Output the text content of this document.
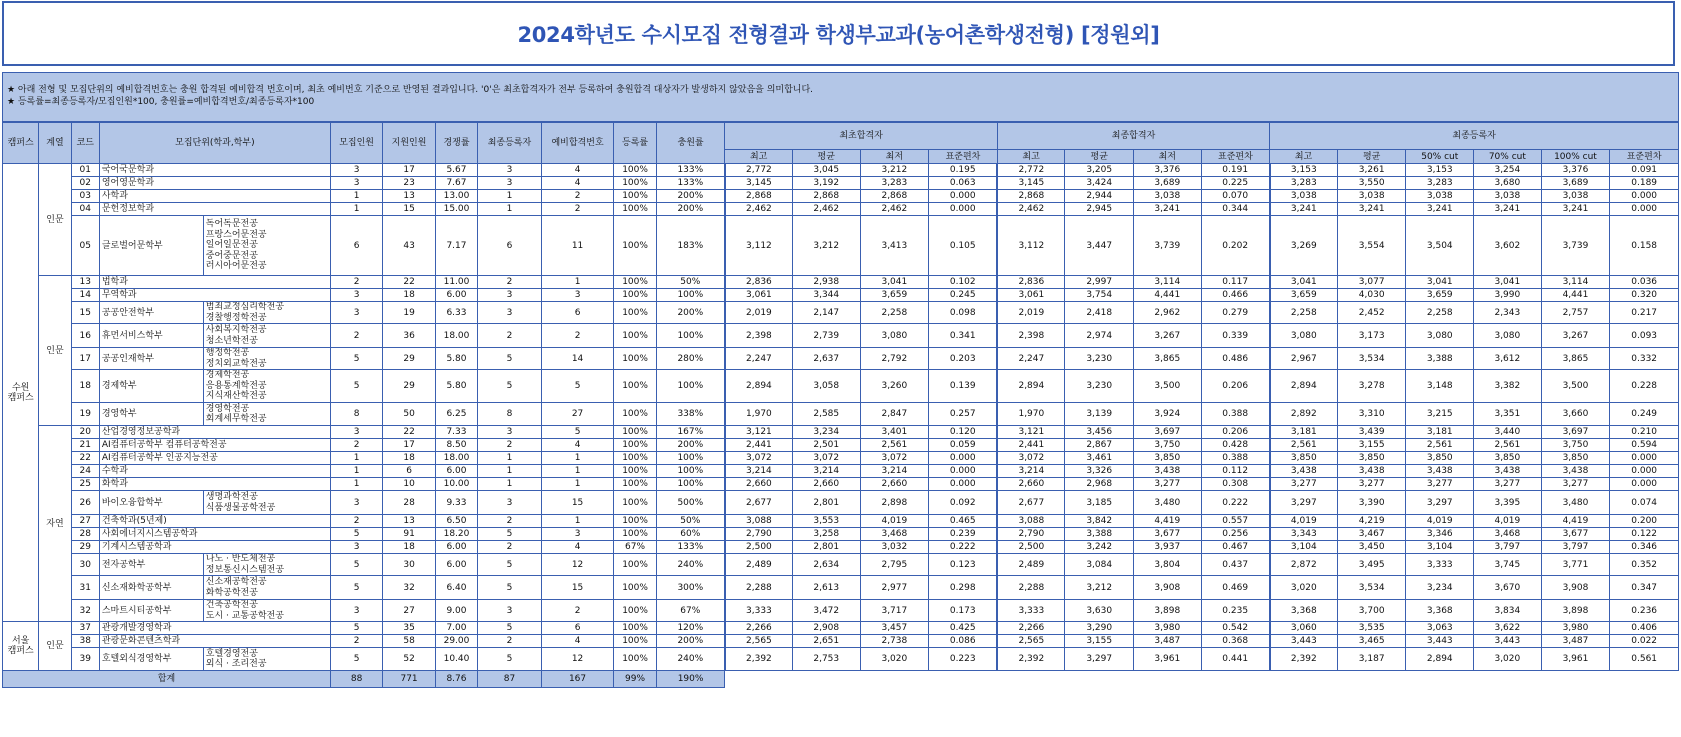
2024학년도 수시모집 전형결과 학생부교과(농어촌학생전형) [정원외]
★ 아래 전형 및 모집단위의 예비합격번호는 충원 합격된 예비합격 번호이며, 최초 예비번호 기준으로 반영된 결과입니다. '0'은 최초합격자가 전부 등록하여 충원합격 대상자가 발생하지 않았음을 의미합니다.
★ 등록률=최종등록자/모집인원*100, 충원률=예비합격번호/최종등록자*100
캠퍼스	계열	코드	모집단위(학과,학부)		모집인원	지원인원	경쟁률	최종등록자	예비합격번호	등록률	충원률	최초합격자				최종합격자				최종등록자					
												최고	평균	최저	표준편차	최고	평균	최저	표준편차	최고	평균	50% cut	70% cut	100% cut	표준편차
수원
캠퍼스	인문	01	국어국문학과		3	17	5.67	3	4	100%	133%	2,772	3,045	3,212	0.195	2,772	3,205	3,376	0.191	3,153	3,261	3,153	3,254	3,376	0.091
		02	영어영문학과		3	23	7.67	3	4	100%	133%	3,145	3,192	3,283	0.063	3,145	3,424	3,689	0.225	3,283	3,550	3,283	3,680	3,689	0.189
		03	사학과		1	13	13.00	1	2	100%	200%	2,868	2,868	2,868	0.000	2,868	2,944	3,038	0.070	3,038	3,038	3,038	3,038	3,038	0.000
		04	문헌정보학과		1	15	15.00	1	2	100%	200%	2,462	2,462	2,462	0.000	2,462	2,945	3,241	0.344	3,241	3,241	3,241	3,241	3,241	0.000
		05	글로벌어문학부	독어독문전공
프랑스어문전공
일어일문전공
중어중문전공
러시아어문전공	6	43	7.17	6	11	100%	183%	3,112	3,212	3,413	0.105	3,112	3,447	3,739	0.202	3,269	3,554	3,504	3,602	3,739	0.158
	인문	13	법학과		2	22	11.00	2	1	100%	50%	2,836	2,938	3,041	0.102	2,836	2,997	3,114	0.117	3,041	3,077	3,041	3,041	3,114	0.036
		14	무역학과		3	18	6.00	3	3	100%	100%	3,061	3,344	3,659	0.245	3,061	3,754	4,441	0.466	3,659	4,030	3,659	3,990	4,441	0.320
		15	공공안전학부	범죄교정심리학전공
경찰행정학전공	3	19	6.33	3	6	100%	200%	2,019	2,147	2,258	0.098	2,019	2,418	2,962	0.279	2,258	2,452	2,258	2,343	2,757	0.217
		16	휴먼서비스학부	사회복지학전공
청소년학전공	2	36	18.00	2	2	100%	100%	2,398	2,739	3,080	0.341	2,398	2,974	3,267	0.339	3,080	3,173	3,080	3,080	3,267	0.093
		17	공공인재학부	행정학전공
정치외교학전공	5	29	5.80	5	14	100%	280%	2,247	2,637	2,792	0.203	2,247	3,230	3,865	0.486	2,967	3,534	3,388	3,612	3,865	0.332
		18	경제학부	경제학전공
응용통계학전공
지식재산학전공	5	29	5.80	5	5	100%	100%	2,894	3,058	3,260	0.139	2,894	3,230	3,500	0.206	2,894	3,278	3,148	3,382	3,500	0.228
		19	경영학부	경영학전공
회계세무학전공	8	50	6.25	8	27	100%	338%	1,970	2,585	2,847	0.257	1,970	3,139	3,924	0.388	2,892	3,310	3,215	3,351	3,660	0.249
	자연	20	산업경영정보공학과		3	22	7.33	3	5	100%	167%	3,121	3,234	3,401	0.120	3,121	3,456	3,697	0.206	3,181	3,439	3,181	3,440	3,697	0.210
		21	AI컴퓨터공학부 컴퓨터공학전공		2	17	8.50	2	4	100%	200%	2,441	2,501	2,561	0.059	2,441	2,867	3,750	0.428	2,561	3,155	2,561	2,561	3,750	0.594
		22	AI컴퓨터공학부 인공지능전공		1	18	18.00	1	1	100%	100%	3,072	3,072	3,072	0.000	3,072	3,461	3,850	0.388	3,850	3,850	3,850	3,850	3,850	0.000
		24	수학과		1	6	6.00	1	1	100%	100%	3,214	3,214	3,214	0.000	3,214	3,326	3,438	0.112	3,438	3,438	3,438	3,438	3,438	0.000
		25	화학과		1	10	10.00	1	1	100%	100%	2,660	2,660	2,660	0.000	2,660	2,968	3,277	0.308	3,277	3,277	3,277	3,277	3,277	0.000
		26	바이오융합학부	생명과학전공
식품생물공학전공	3	28	9.33	3	15	100%	500%	2,677	2,801	2,898	0.092	2,677	3,185	3,480	0.222	3,297	3,390	3,297	3,395	3,480	0.074
		27	건축학과(5년제)		2	13	6.50	2	1	100%	50%	3,088	3,553	4,019	0.465	3,088	3,842	4,419	0.557	4,019	4,219	4,019	4,019	4,419	0.200
		28	사회에너지시스템공학과		5	91	18.20	5	3	100%	60%	2,790	3,258	3,468	0.239	2,790	3,388	3,677	0.256	3,343	3,467	3,346	3,468	3,677	0.122
		29	기계시스템공학과		3	18	6.00	2	4	67%	133%	2,500	2,801	3,032	0.222	2,500	3,242	3,937	0.467	3,104	3,450	3,104	3,797	3,797	0.346
		30	전자공학부	나노 · 반도체전공
정보통신시스템전공	5	30	6.00	5	12	100%	240%	2,489	2,634	2,795	0.123	2,489	3,084	3,804	0.437	2,872	3,495	3,333	3,745	3,771	0.352
		31	신소재화학공학부	신소재공학전공
화학공학전공	5	32	6.40	5	15	100%	300%	2,288	2,613	2,977	0.298	2,288	3,212	3,908	0.469	3,020	3,534	3,234	3,670	3,908	0.347
		32	스마트시티공학부	건축공학전공
도시 · 교통공학전공	3	27	9.00	3	2	100%	67%	3,333	3,472	3,717	0.173	3,333	3,630	3,898	0.235	3,368	3,700	3,368	3,834	3,898	0.236
서울
캠퍼스	인문	37	관광개발경영학과		5	35	7.00	5	6	100%	120%	2,266	2,908	3,457	0.425	2,266	3,290	3,980	0.542	3,060	3,535	3,063	3,622	3,980	0.406
		38	관광문화콘텐츠학과		2	58	29.00	2	4	100%	200%	2,565	2,651	2,738	0.086	2,565	3,155	3,487	0.368	3,443	3,465	3,443	3,443	3,487	0.022
		39	호텔외식경영학부	호텔경영전공
외식 · 조리전공	5	52	10.40	5	12	100%	240%	2,392	2,753	3,020	0.223	2,392	3,297	3,961	0.441	2,392	3,187	2,894	3,020	3,961	0.561
합계					88	771	8.76	87	167	99%	190%														
